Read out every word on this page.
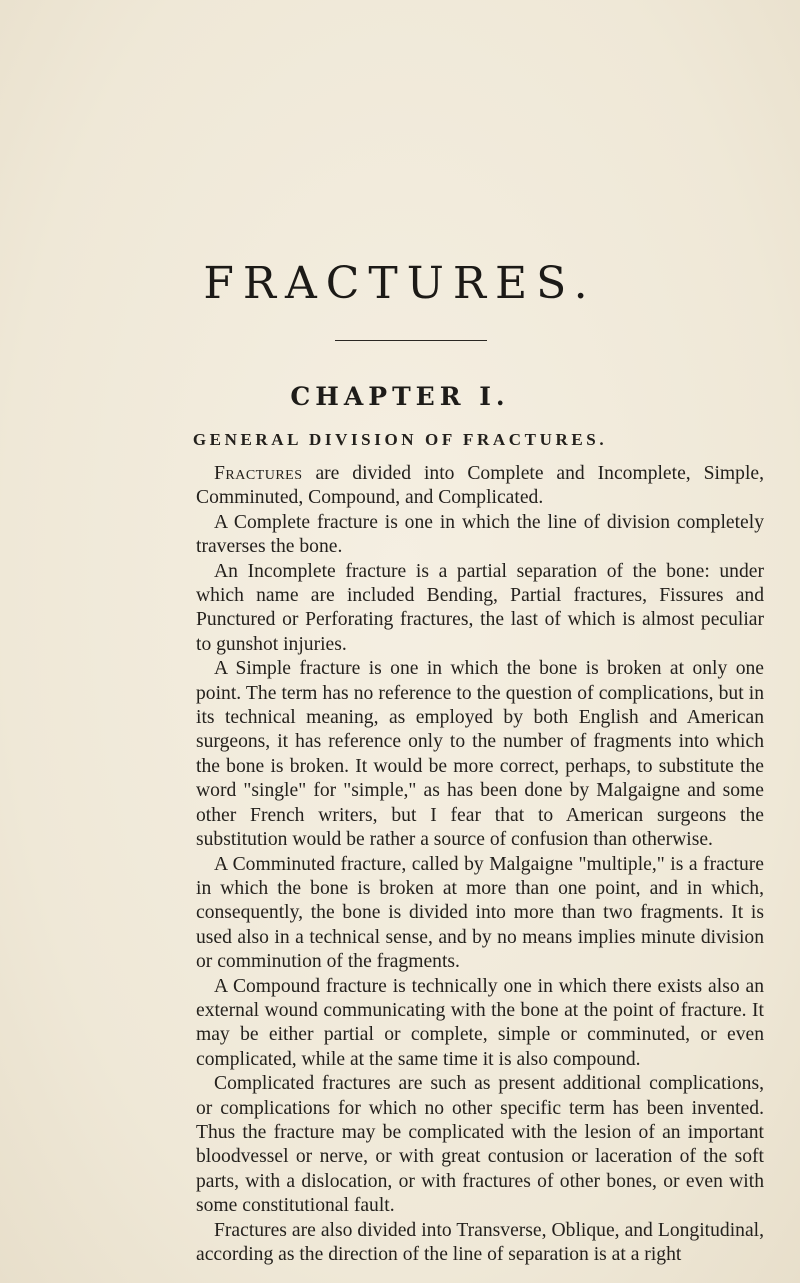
FRACTURES.
CHAPTER I.
GENERAL DIVISION OF FRACTURES.

Fractures are divided into Complete and Incomplete, Simple, Comminuted, Compound, and Complicated.

A Complete fracture is one in which the line of division completely traverses the bone.

An Incomplete fracture is a partial separation of the bone: under which name are included Bending, Partial fractures, Fissures and Punctured or Perforating fractures, the last of which is almost peculiar to gunshot injuries.

A Simple fracture is one in which the bone is broken at only one point. The term has no reference to the question of complications, but in its technical meaning, as employed by both English and American surgeons, it has reference only to the number of fragments into which the bone is broken. It would be more correct, perhaps, to substitute the word "single" for "simple," as has been done by Malgaigne and some other French writers, but I fear that to American surgeons the substitution would be rather a source of confusion than otherwise.

A Comminuted fracture, called by Malgaigne "multiple," is a fracture in which the bone is broken at more than one point, and in which, consequently, the bone is divided into more than two fragments. It is used also in a technical sense, and by no means implies minute division or comminution of the fragments.

A Compound fracture is technically one in which there exists also an external wound communicating with the bone at the point of fracture. It may be either partial or complete, simple or comminuted, or even complicated, while at the same time it is also compound.

Complicated fractures are such as present additional complications, or complications for which no other specific term has been invented. Thus the fracture may be complicated with the lesion of an important bloodvessel or nerve, or with great contusion or laceration of the soft parts, with a dislocation, or with fractures of other bones, or even with some constitutional fault.

Fractures are also divided into Transverse, Oblique, and Longitudinal, according as the direction of the line of separation is at a right
